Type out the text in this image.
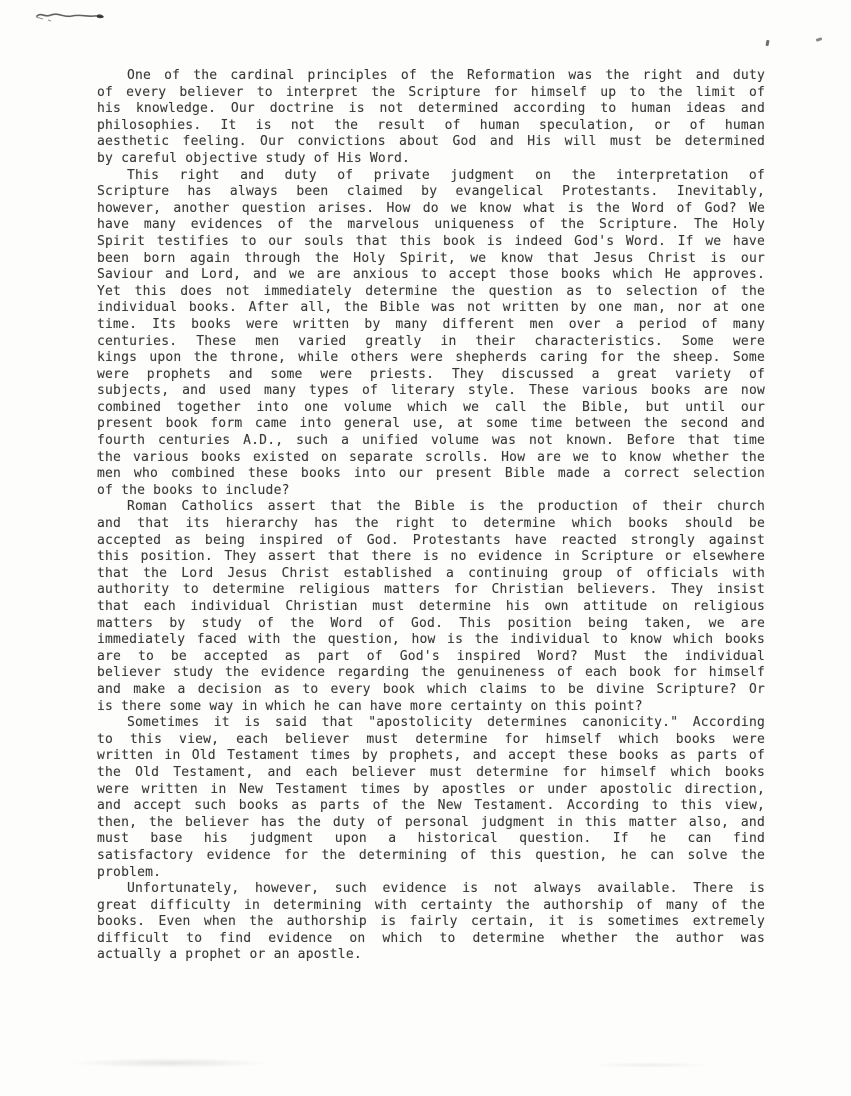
One of the cardinal principles of the Reformation was the right and duty
of every believer to interpret the Scripture for himself up to the limit of
his knowledge. Our doctrine is not determined according to human ideas and
philosophies. It is not the result of human speculation, or of human
aesthetic feeling. Our convictions about God and His will must be determined
by careful objective study of His Word.
This right and duty of private judgment on the interpretation of
Scripture has always been claimed by evangelical Protestants. Inevitably,
however, another question arises. How do we know what is the Word of God? We
have many evidences of the marvelous uniqueness of the Scripture. The Holy
Spirit testifies to our souls that this book is indeed God's Word. If we have
been born again through the Holy Spirit, we know that Jesus Christ is our
Saviour and Lord, and we are anxious to accept those books which He approves.
Yet this does not immediately determine the question as to selection of the
individual books. After all, the Bible was not written by one man, nor at one
time. Its books were written by many different men over a period of many
centuries. These men varied greatly in their characteristics. Some were
kings upon the throne, while others were shepherds caring for the sheep. Some
were prophets and some were priests. They discussed a great variety of
subjects, and used many types of literary style. These various books are now
combined together into one volume which we call the Bible, but until our
present book form came into general use, at some time between the second and
fourth centuries A.D., such a unified volume was not known. Before that time
the various books existed on separate scrolls. How are we to know whether the
men who combined these books into our present Bible made a correct selection
of the books to include?
Roman Catholics assert that the Bible is the production of their church
and that its hierarchy has the right to determine which books should be
accepted as being inspired of God. Protestants have reacted strongly against
this position. They assert that there is no evidence in Scripture or elsewhere
that the Lord Jesus Christ established a continuing group of officials with
authority to determine religious matters for Christian believers. They insist
that each individual Christian must determine his own attitude on religious
matters by study of the Word of God. This position being taken, we are
immediately faced with the question, how is the individual to know which books
are to be accepted as part of God's inspired Word? Must the individual
believer study the evidence regarding the genuineness of each book for himself
and make a decision as to every book which claims to be divine Scripture? Or
is there some way in which he can have more certainty on this point?
Sometimes it is said that "apostolicity determines canonicity." According
to this view, each believer must determine for himself which books were
written in Old Testament times by prophets, and accept these books as parts of
the Old Testament, and each believer must determine for himself which books
were written in New Testament times by apostles or under apostolic direction,
and accept such books as parts of the New Testament. According to this view,
then, the believer has the duty of personal judgment in this matter also, and
must base his judgment upon a historical question. If he can find
satisfactory evidence for the determining of this question, he can solve the
problem.
Unfortunately, however, such evidence is not always available. There is
great difficulty in determining with certainty the authorship of many of the
books. Even when the authorship is fairly certain, it is sometimes extremely
difficult to find evidence on which to determine whether the author was
actually a prophet or an apostle.
